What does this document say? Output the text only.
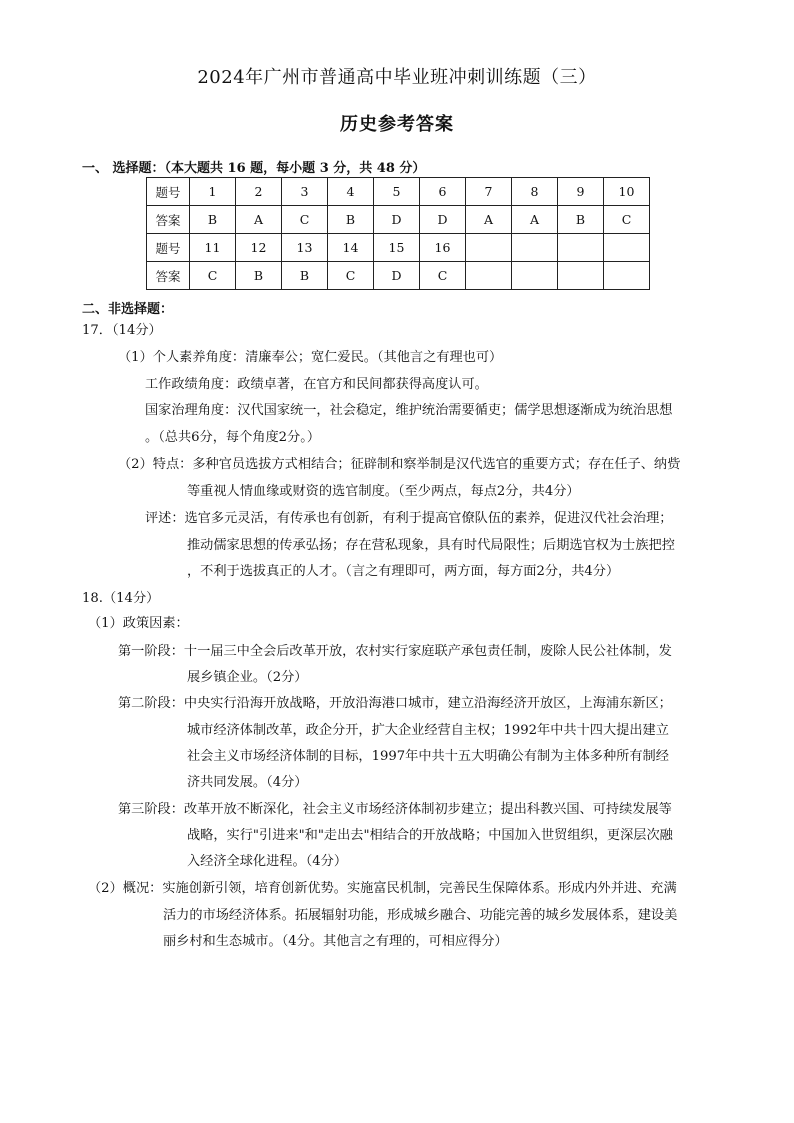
2024年广州市普通高中毕业班冲刺训练题（三）
历史参考答案
一、 选择题：（本大题共 16 题，每小题 3 分，共 48 分）
题号	1	2	3	4	5	6	7	8	9	10
答案	B	A	C	B	D	D	A	A	B	C
题号	11	12	13	14	15	16				
答案	C	B	B	C	D	C				
二、非选择题：
17．（14分）
（1）个人素养角度：清廉奉公；宽仁爱民。（其他言之有理也可）
工作政绩角度：政绩卓著，在官方和民间都获得高度认可。
国家治理角度：汉代国家统一，社会稳定，维护统治需要循吏；儒学思想逐渐成为统治思想
。（总共6分，每个角度2分。）
（2）特点：多种官员选拔方式相结合；征辟制和察举制是汉代选官的重要方式；存在任子、纳赀
等重视人情血缘或财资的选官制度。（至少两点，每点2分，共4分）
评述：选官多元灵活，有传承也有创新，有利于提高官僚队伍的素养，促进汉代社会治理；
推动儒家思想的传承弘扬；存在营私现象，具有时代局限性；后期选官权为士族把控
，不利于选拔真正的人才。（言之有理即可，两方面，每方面2分，共4分）
18.（14分）
（1）政策因素：
第一阶段：十一届三中全会后改革开放，农村实行家庭联产承包责任制，废除人民公社体制，发
展乡镇企业。（2分）
第二阶段：中央实行沿海开放战略，开放沿海港口城市，建立沿海经济开放区，上海浦东新区；
城市经济体制改革，政企分开，扩大企业经营自主权；1992年中共十四大提出建立
社会主义市场经济体制的目标，1997年中共十五大明确公有制为主体多种所有制经
济共同发展。（4分）
第三阶段：改革开放不断深化，社会主义市场经济体制初步建立；提出科教兴国、可持续发展等
战略，实行"引进来"和"走出去"相结合的开放战略；中国加入世贸组织，更深层次融
入经济全球化进程。（4分）
（2）概况：实施创新引领，培育创新优势。实施富民机制，完善民生保障体系。形成内外并进、充满
活力的市场经济体系。拓展辐射功能，形成城乡融合、功能完善的城乡发展体系，建设美
丽乡村和生态城市。（4分。其他言之有理的，可相应得分）
